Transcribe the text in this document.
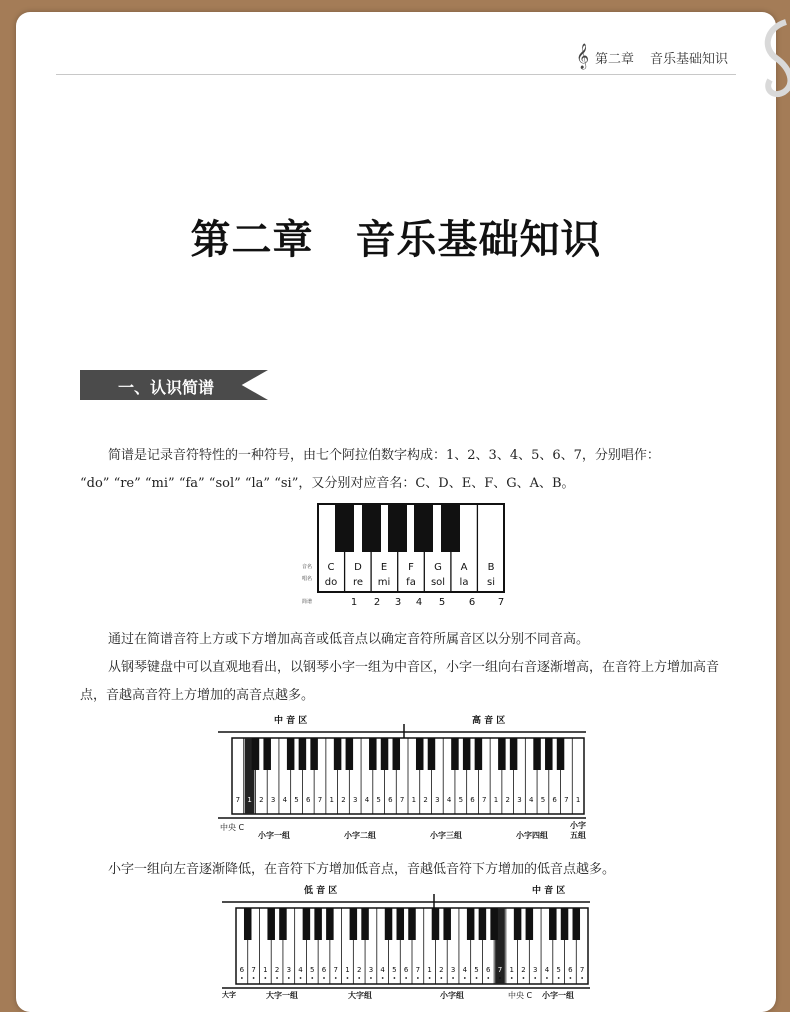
𝄞 第二章 音乐基础知识
第二章 音乐基础知识
一、认识简谱
简谱是记录音符特性的一种符号，由七个阿拉伯数字构成：1、2、3、4、5、6、7，分别唱作：
“do” “re” “mi” “fa” “sol” “la” “si”，又分别对应音名：C、D、E、F、G、A、B。
音名
唱名
简谱
C D E F G A B
do re mi fa sol la si
1 2 3 4 5 6 7
通过在简谱音符上方或下方增加高音或低音点以确定音符所属音区以分别不同音高。
从钢琴键盘中可以直观地看出，以钢琴小字一组为中音区，小字一组向右音逐渐增高，在音符上方增加高音点，音越高音符上方增加的高音点越多。
中 音 区	高 音 区
7 1 2 3 4 5 6 7 1 2 3 4 5 6 7 1 2 3 4 5 6 7 1 2 3 4 5 6 7 1
中央 C
小字一组	小字二组	小字三组	小字四组
小字
五组
小字一组向左音逐渐降低，在音符下方增加低音点，音越低音符下方增加的低音点越多。
低 音 区	中 音 区
6 7 1 2 3 4 5 6 7 1 2 3 4 5 6 7 1 2 3 4 5 6 7 1 2 3 4 5 6 7
大字	大字一组	大字组	小字组	中央 C 小字一组
